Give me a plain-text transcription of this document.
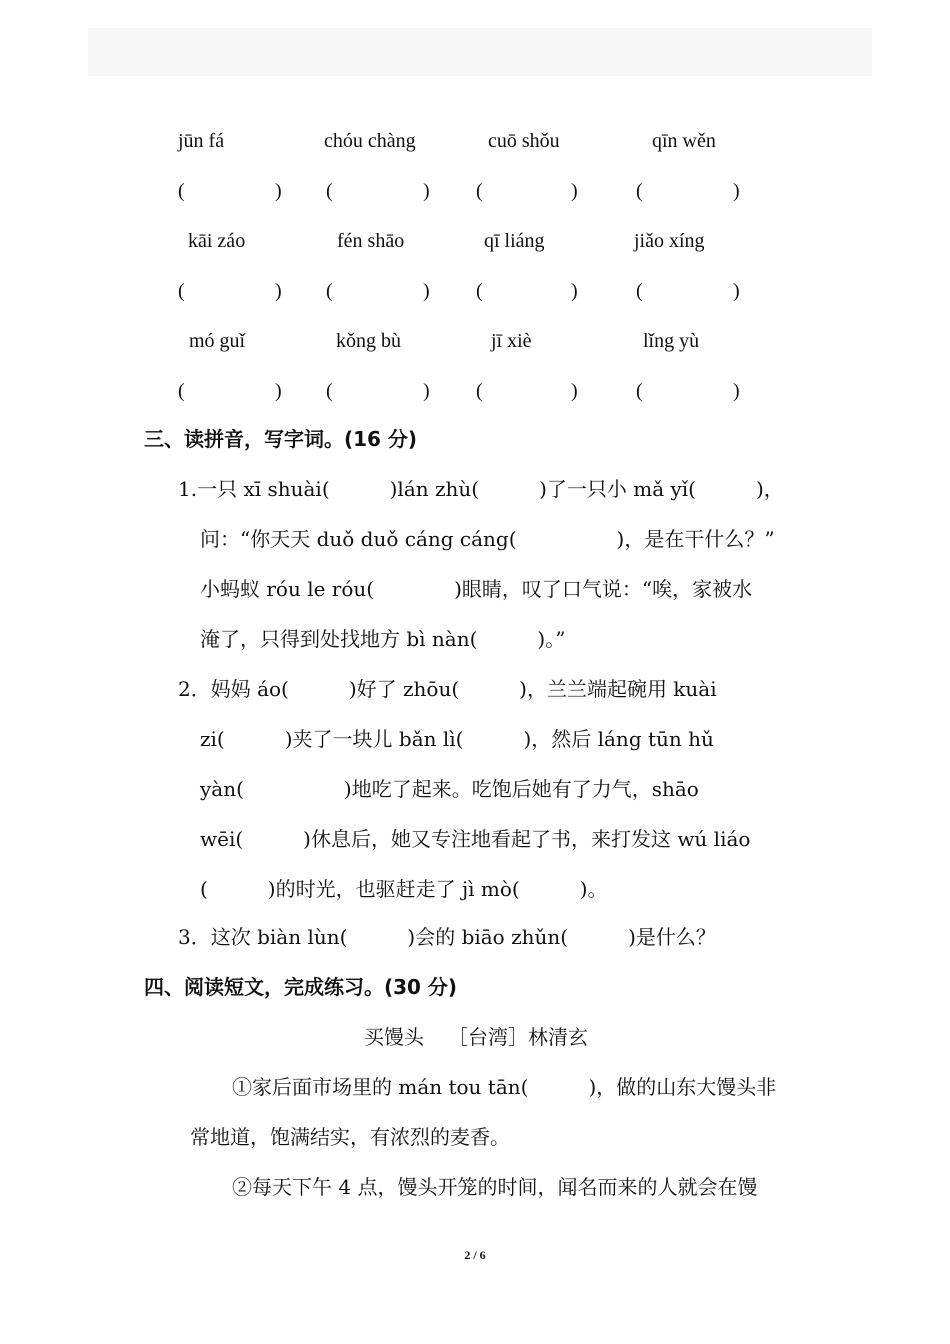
jūn fá	chóu chàng	cuō shǒu	qīn wěn
(	) (	) (	)	(	)
kāi záo	fén shāo	qī liáng	jiǎo xíng
(	) (	) (	)	(	)
mó guǐ	kǒng bù	jī xiè	lǐng yù
(	) (	) (	)	(	)
三、读拼音，写字词。(16 分)
1.一只 xī shuài(　　　)lán zhù(　　　)了一只小 mǎ yǐ(　　　)，
问：“你天天 duǒ duǒ cáng cáng(　　　　　)，是在干什么？”
小蚂蚁 róu le róu(　　　　)眼睛，叹了口气说：“唉，家被水
淹了，只得到处找地方 bì nàn(　　　)。”
2．妈妈 áo(　　　)好了 zhōu(　　　)，兰兰端起碗用 kuài
zi(　　　)夹了一块儿 bǎn lì(　　　)，然后 láng tūn hǔ
yàn(　　　　　)地吃了起来。吃饱后她有了力气，shāo
wēi(　　　)休息后，她又专注地看起了书，来打发这 wú liáo
(　　　)的时光，也驱赶走了 jì mò(　　　)。
3．这次 biàn lùn(　　　)会的 biāo zhǔn(　　　)是什么？
四、阅读短文，完成练习。(30 分)
买馒头 ［台湾］林清玄
①家后面市场里的 mán tou tān(　　　)，做的山东大馒头非
常地道，饱满结实，有浓烈的麦香。
②每天下午 4 点，馒头开笼的时间，闻名而来的人就会在馒
2 / 6
